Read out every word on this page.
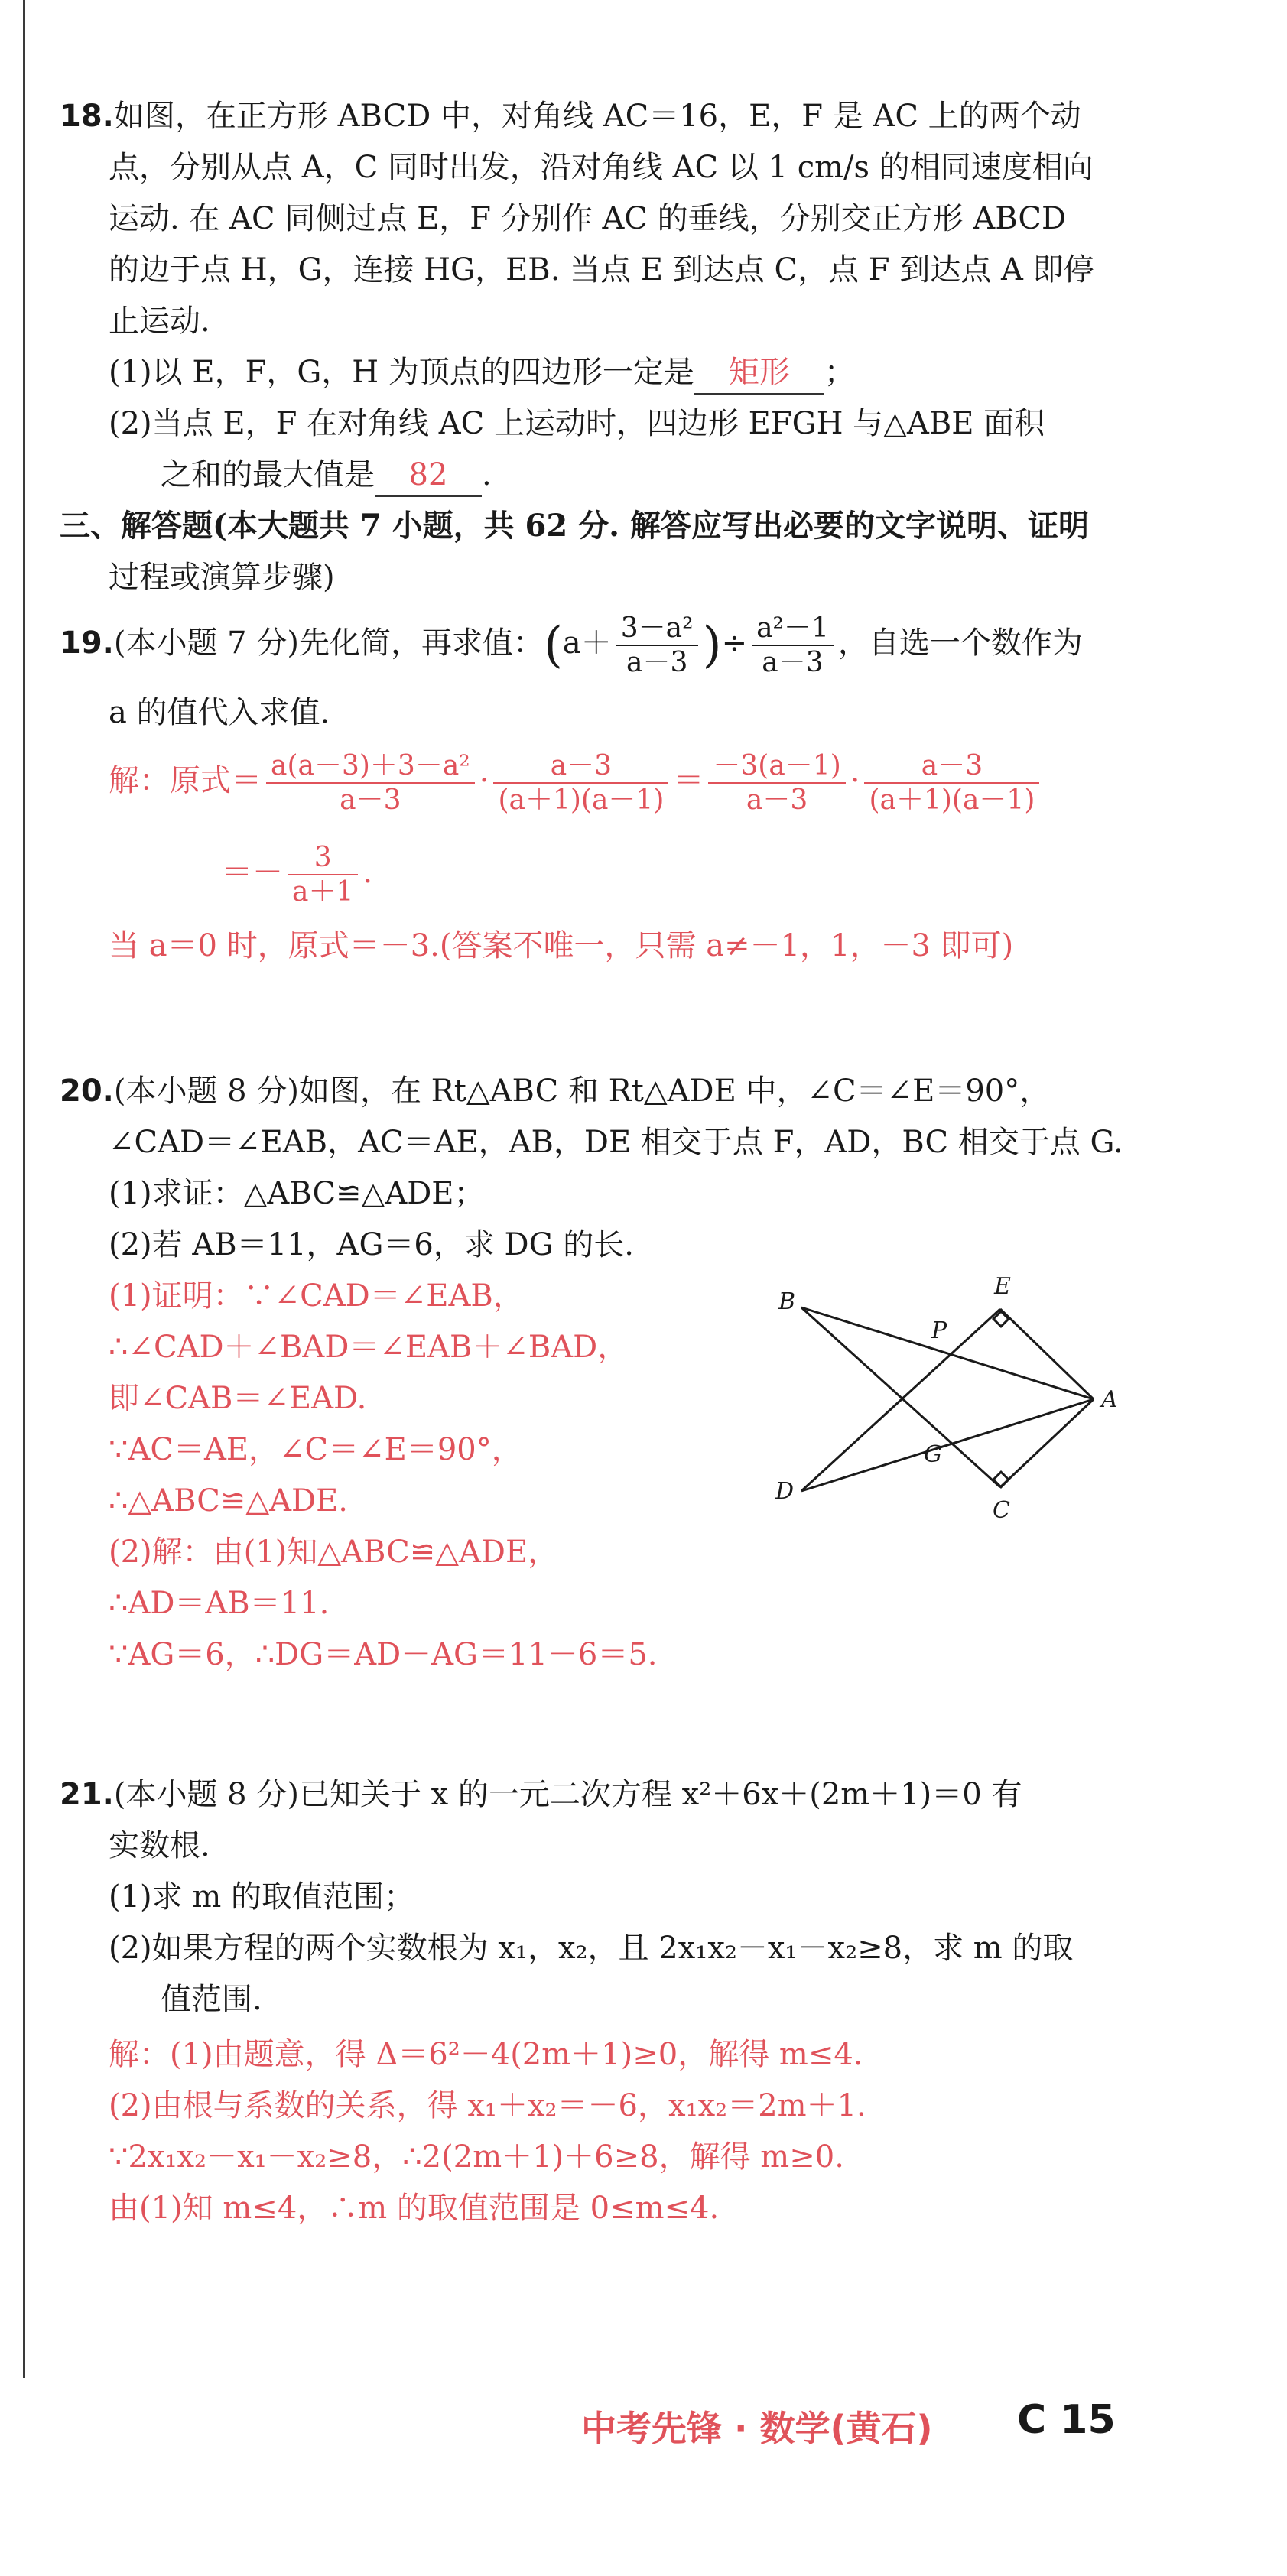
18.如图，在正方形 ABCD 中，对角线 AC＝16，E，F 是 AC 上的两个动
点，分别从点 A，C 同时出发，沿对角线 AC 以 1 cm/s 的相同速度相向
运动. 在 AC 同侧过点 E，F 分别作 AC 的垂线，分别交正方形 ABCD
的边于点 H，G，连接 HG，EB. 当点 E 到达点 C，点 F 到达点 A 即停
止运动.
(1)以 E，F，G，H 为顶点的四边形一定是 矩形 ；
(2)当点 E，F 在对角线 AC 上运动时，四边形 EFGH 与△ABE 面积
之和的最大值是 82 .
三、解答题(本大题共 7 小题，共 62 分. 解答应写出必要的文字说明、证明
过程或演算步骤)
19.(本小题 7 分)先化简，再求值：($a+ \frac{\text{3－a²}}{a-3}$ )÷ $\frac{\text{a²－1}}{a-3}$ ，自选一个数作为
a 的值代入求值.
解：原式＝ $\frac{\text{a(a－3)＋3－a²}}{a-3} \cdot \frac{a-3}{(a+1)(a-1)} = \frac{-3(a-1)}{a-3} \cdot \frac{a-3}{(a+1)(a-1)}$
＝－ $\frac{3}{a+1}$ .
当 a＝0 时，原式＝－3.(答案不唯一，只需 a≠－1，1，－3 即可)
20.(本小题 8 分)如图，在 Rt△ABC 和 Rt△ADE 中，∠C＝∠E＝90°，
∠CAD＝∠EAB，AC＝AE，AB，DE 相交于点 F，AD，BC 相交于点 G.
(1)求证：△ABC≌△ADE；
(2)若 AB＝11，AG＝6，求 DG 的长.
(1)证明：∵∠CAD＝∠EAB，
∴∠CAD＋∠BAD＝∠EAB＋∠BAD，
即∠CAB＝∠EAD.
∵AC＝AE，∠C＝∠E＝90°，
∴△ABC≌△ADE.
(2)解：由(1)知△ABC≌△ADE，
∴AD＝AB＝11.
∵AG＝6，∴DG＝AD－AG＝11－6＝5.
B
E
P
A
G
D
C
21.(本小题 8 分)已知关于 x 的一元二次方程 x²＋6x＋(2m＋1)＝0 有
实数根.
(1)求 m 的取值范围；
(2)如果方程的两个实数根为 x₁，x₂，且 2x₁x₂－x₁－x₂≥8，求 m 的取
值范围.
解：(1)由题意，得 Δ＝6²－4(2m＋1)≥0，解得 m≤4.
(2)由根与系数的关系，得 x₁＋x₂＝－6，x₁x₂＝2m＋1.
∵2x₁x₂－x₁－x₂≥8，∴2(2m＋1)＋6≥8，解得 m≥0.
由(1)知 m≤4，∴m 的取值范围是 0≤m≤4.
中考先锋 · 数学(黄石) C 15
